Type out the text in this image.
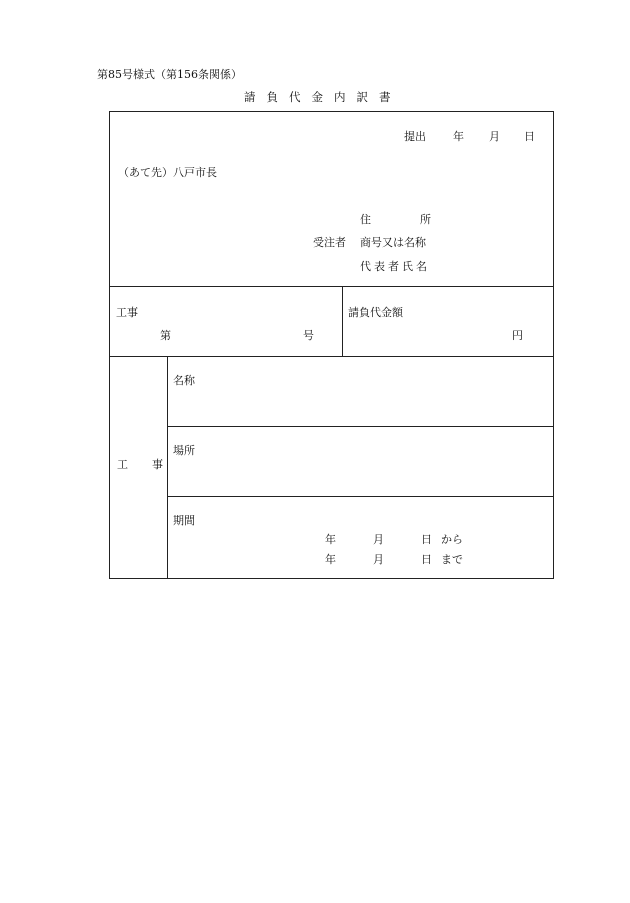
第85号様式（第156条関係）
請負代金内訳書
提出 年 月 日
（あて先）八戸市長
住	所
受注者 商号又は名称
代表者氏名
工事
第	号
請負代金額
円
工 事
名称
場所
期間
年	月	日 から
年	月	日 まで
